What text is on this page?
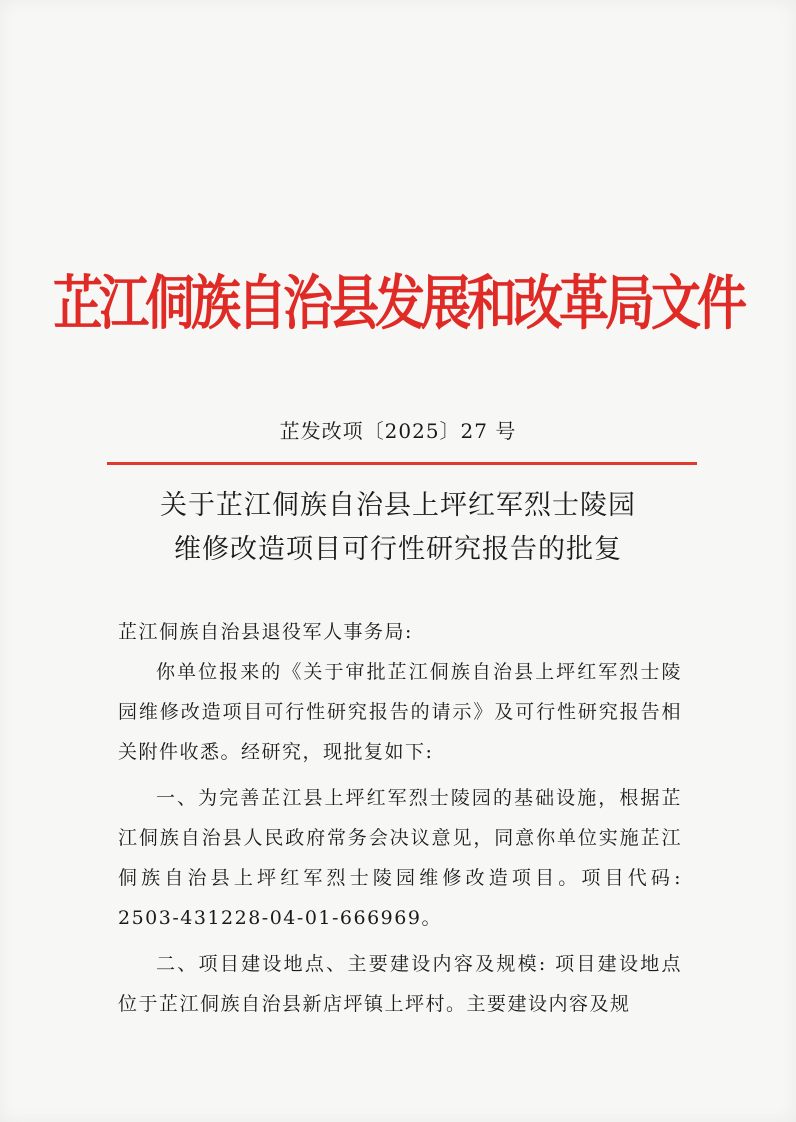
芷江侗族自治县发展和改革局文件
芷发改项〔2025〕27 号
关于芷江侗族自治县上坪红军烈士陵园
维修改造项目可行性研究报告的批复

芷江侗族自治县退役军人事务局:

你单位报来的《关于审批芷江侗族自治县上坪红军烈士陵园维修改造项目可行性研究报告的请示》及可行性研究报告相关附件收悉。经研究，现批复如下:

一、为完善芷江县上坪红军烈士陵园的基础设施，根据芷江侗族自治县人民政府常务会决议意见，同意你单位实施芷江侗族自治县上坪红军烈士陵园维修改造项目。项目代码: 2503-431228-04-01-666969。

二、项目建设地点、主要建设内容及规模: 项目建设地点位于芷江侗族自治县新店坪镇上坪村。主要建设内容及规
